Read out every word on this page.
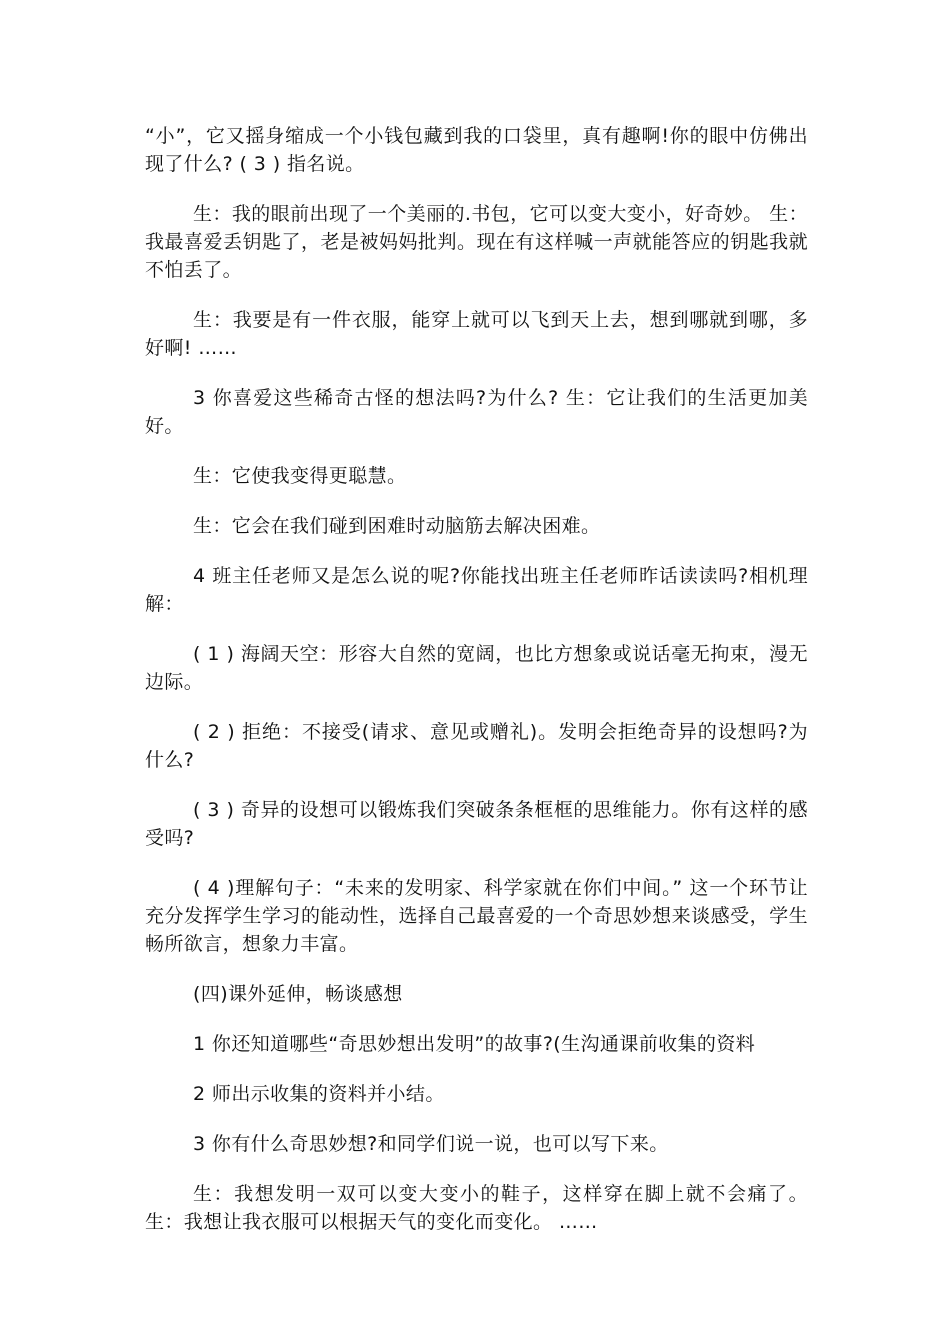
“小”，它又摇身缩成一个小钱包藏到我的口袋里，真有趣啊!你的眼中仿佛出现了什么? ( 3 ) 指名说。

生：我的眼前出现了一个美丽的.书包，它可以变大变小，好奇妙。 生：我最喜爱丢钥匙了，老是被妈妈批判。现在有这样喊一声就能答应的钥匙我就不怕丢了。

生：我要是有一件衣服，能穿上就可以飞到天上去，想到哪就到哪，多好啊! ……

3 你喜爱这些稀奇古怪的想法吗?为什么? 生：它让我们的生活更加美好。

生：它使我变得更聪慧。

生：它会在我们碰到困难时动脑筋去解决困难。

4 班主任老师又是怎么说的呢?你能找出班主任老师昨话读读吗?相机理解：

( 1 ) 海阔天空：形容大自然的宽阔，也比方想象或说话毫无拘束，漫无边际。

( 2 ) 拒绝：不接受(请求、意见或赠礼)。发明会拒绝奇异的设想吗?为什么?

( 3 ) 奇异的设想可以锻炼我们突破条条框框的思维能力。你有这样的感受吗?

( 4 )理解句子：“未来的发明家、科学家就在你们中间。” 这一个环节让充分发挥学生学习的能动性，选择自己最喜爱的一个奇思妙想来谈感受，学生畅所欲言，想象力丰富。

(四)课外延伸，畅谈感想

1 你还知道哪些“奇思妙想出发明”的故事?(生沟通课前收集的资料

2 师出示收集的资料并小结。

3 你有什么奇思妙想?和同学们说一说，也可以写下来。

生：我想发明一双可以变大变小的鞋子，这样穿在脚上就不会痛了。生：我想让我衣服可以根据天气的变化而变化。 ……
